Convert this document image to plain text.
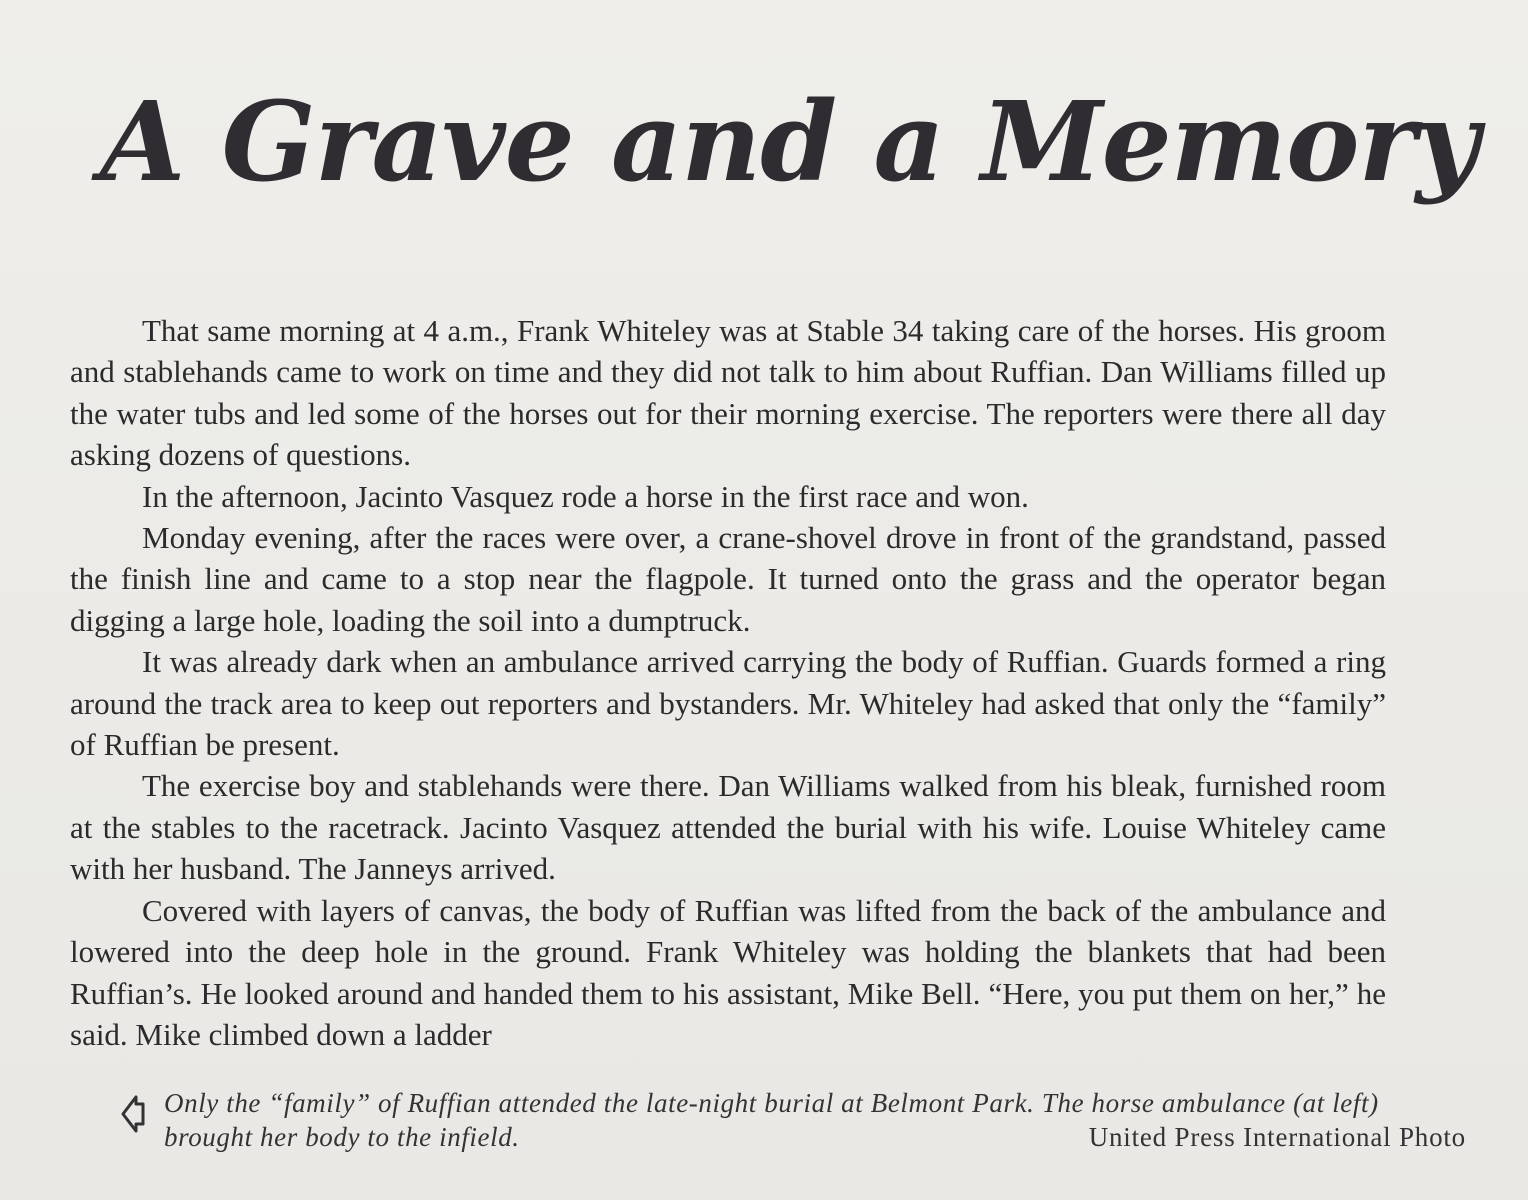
A Grave and a Memory

That same morning at 4 a.m., Frank Whiteley was at Stable 34 taking care of the horses. His groom and stablehands came to work on time and they did not talk to him about Ruffian. Dan Williams filled up the water tubs and led some of the horses out for their morning exercise. The reporters were there all day asking dozens of questions.

In the afternoon, Jacinto Vasquez rode a horse in the first race and won.

Monday evening, after the races were over, a crane-shovel drove in front of the grandstand, passed the finish line and came to a stop near the flagpole. It turned onto the grass and the operator began digging a large hole, loading the soil into a dumptruck.

It was already dark when an ambulance arrived carrying the body of Ruffian. Guards formed a ring around the track area to keep out reporters and bystanders. Mr. Whiteley had asked that only the “family” of Ruffian be present.

The exercise boy and stablehands were there. Dan Williams walked from his bleak, furnished room at the stables to the racetrack. Jacinto Vasquez attended the burial with his wife. Louise Whiteley came with her husband. The Janneys arrived.

Covered with layers of canvas, the body of Ruffian was lifted from the back of the ambulance and lowered into the deep hole in the ground. Frank Whiteley was holding the blankets that had been Ruffian’s. He looked around and handed them to his assistant, Mike Bell. “Here, you put them on her,” he said. Mike climbed down a ladder

Only the “family” of Ruffian attended the late-night burial at Belmont Park. The horse ambulance (at left) brought her body to the infield.	United Press International Photo
